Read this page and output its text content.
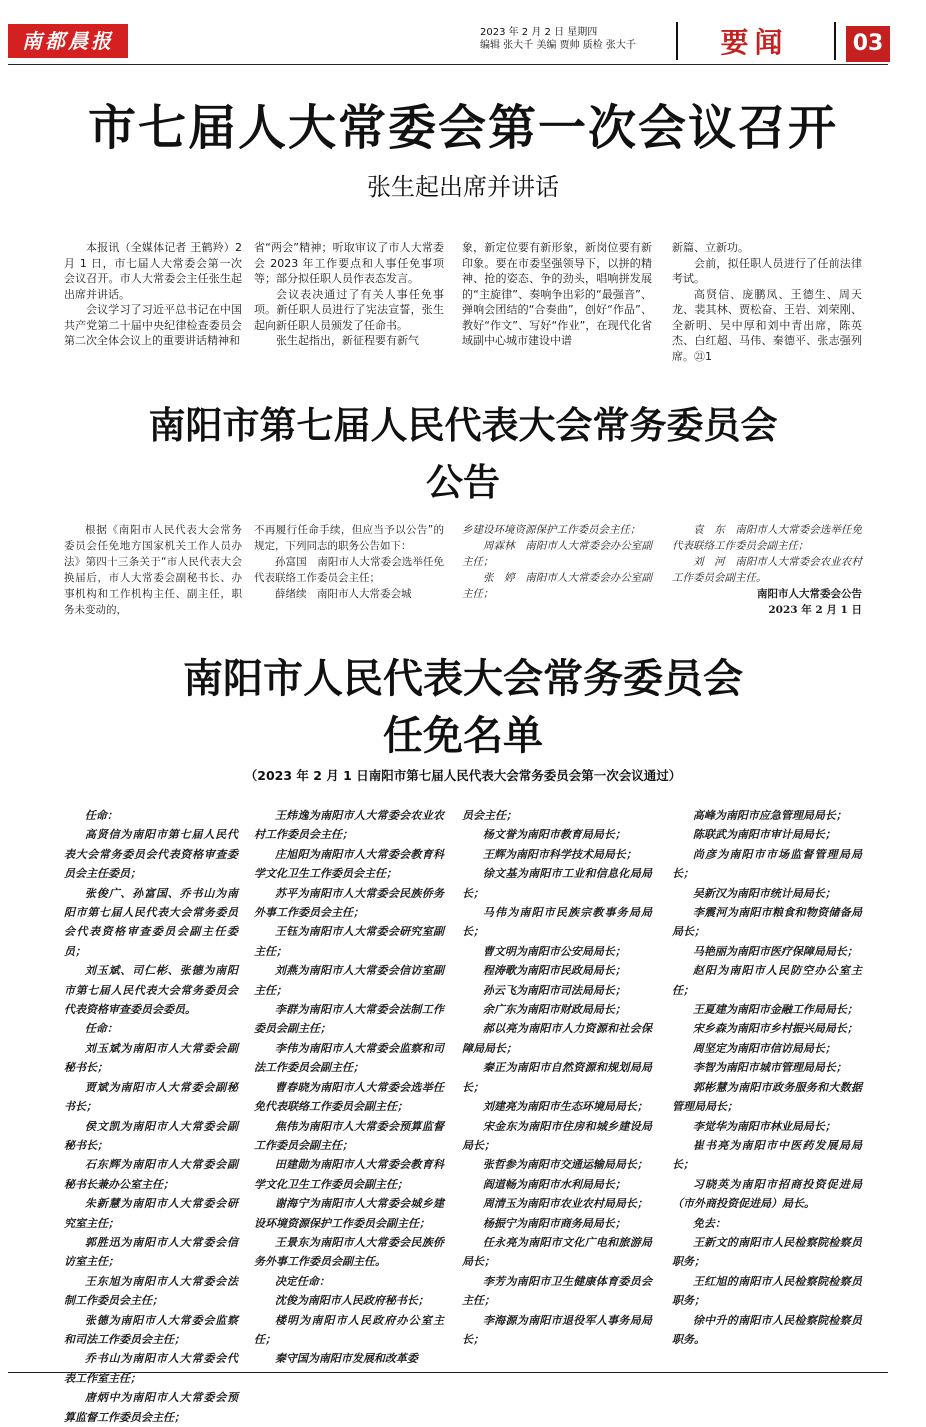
南都晨报	2023 年 2 月 2 日 星期四
编辑 张大千 美编 贾帅 质检 张大千	要闻	03
市七届人大常委会第一次会议召开
张生起出席并讲话

本报讯（全媒体记者 王鹤羚）2 月 1 日，市七届人大常委会第一次会议召开。市人大常委会主任张生起出席并讲话。

会议学习了习近平总书记在中国共产党第二十届中央纪律检查委员会第二次全体会议上的重要讲话精神和

省“两会”精神；听取审议了市人大常委会 2023 年工作要点和人事任免事项等；部分拟任职人员作表态发言。

会议表决通过了有关人事任免事项。新任职人员进行了宪法宣誓，张生起向新任职人员颁发了任命书。

张生起指出，新征程要有新气

象，新定位要有新形象，新岗位要有新印象。要在市委坚强领导下，以拼的精神、抢的姿态、争的劲头，唱响拼发展的“主旋律”、奏响争出彩的“最强音”、弹响会团结的“合奏曲”，创好“作品”、教好“作文”、写好“作业”，在现代化省域副中心城市建设中谱

新篇、立新功。

会前，拟任职人员进行了任前法律考试。

高贤信、庞鹏凤、王德生、周天龙、裴其林、贾松奋、王岩、刘荣刚、全新明、吴中厚和刘中青出席，陈英杰、白红超、马伟、秦德平、张志强列席。㉑1

南阳市第七届人民代表大会常务委员会
公告

根据《南阳市人民代表大会常务委员会任免地方国家机关工作人员办法》第四十三条关于“市人民代表大会换届后，市人大常委会副秘书长、办事机构和工作机构主任、副主任，职务未变动的，

不再履行任命手续，但应当予以公告”的规定，下列同志的职务公告如下：

孙富国　南阳市人大常委会选举任免代表联络工作委员会主任；

薛绪续　南阳市人大常委会城

乡建设环境资源保护工作委员会主任；

周霖林　南阳市人大常委会办公室副主任；

张　婷　南阳市人大常委会办公室副主任；

袁　东　南阳市人大常委会选举任免代表联络工作委员会副主任；

刘　河　南阳市人大常委会农业农村工作委员会副主任。

南阳市人大常委会公告

2023 年 2 月 1 日

南阳市人民代表大会常务委员会
任免名单
（2023 年 2 月 1 日南阳市第七届人民代表大会常务委员会第一次会议通过）

任命：

高贤信为南阳市第七届人民代表大会常务委员会代表资格审查委员会主任委员；

张俊广、孙富国、乔书山为南阳市第七届人民代表大会常务委员会代表资格审查委员会副主任委员；

刘玉斌、司仁彬、张德为南阳市第七届人民代表大会常务委员会代表资格审查委员会委员。

任命：

刘玉斌为南阳市人大常委会副秘书长；

贾斌为南阳市人大常委会副秘书长；

侯文凯为南阳市人大常委会副秘书长；

石东辉为南阳市人大常委会副秘书长兼办公室主任；

朱新慧为南阳市人大常委会研究室主任；

郭胜迅为南阳市人大常委会信访室主任；

王东旭为南阳市人大常委会法制工作委员会主任；

张德为南阳市人大常委会监察和司法工作委员会主任；

乔书山为南阳市人大常委会代表工作室主任；

唐炳中为南阳市人大常委会预算监督工作委员会主任；

王炜逸为南阳市人大常委会农业农村工作委员会主任；

庄旭阳为南阳市人大常委会教育科学文化卫生工作委员会主任；

苏平为南阳市人大常委会民族侨务外事工作委员会主任；

王钰为南阳市人大常委会研究室副主任；

刘燕为南阳市人大常委会信访室副主任；

李群为南阳市人大常委会法制工作委员会副主任；

李伟为南阳市人大常委会监察和司法工作委员会副主任；

曹春晓为南阳市人大常委会选举任免代表联络工作委员会副主任；

焦伟为南阳市人大常委会预算监督工作委员会副主任；

田建勋为南阳市人大常委会教育科学文化卫生工作委员会副主任；

谢海宁为南阳市人大常委会城乡建设环境资源保护工作委员会副主任；

王景东为南阳市人大常委会民族侨务外事工作委员会副主任。

决定任命：

沈俊为南阳市人民政府秘书长；

楼明为南阳市人民政府办公室主任；

秦守国为南阳市发展和改革委

员会主任；

杨文誉为南阳市教育局局长；

王辉为南阳市科学技术局局长；

徐文基为南阳市工业和信息化局局长；

马伟为南阳市民族宗教事务局局长；

曹文明为南阳市公安局局长；

程涛歌为南阳市民政局局长；

孙云飞为南阳市司法局局长；

余广东为南阳市财政局局长；

郝以亮为南阳市人力资源和社会保障局局长；

秦正为南阳市自然资源和规划局局长；

刘建亮为南阳市生态环境局局长；

宋金东为南阳市住房和城乡建设局局长；

张哲参为南阳市交通运输局局长；

阎道畅为南阳市水利局局长；

周清玉为南阳市农业农村局局长；

杨振宁为南阳市商务局局长；

任永亮为南阳市文化广电和旅游局局长；

李芳为南阳市卫生健康体育委员会主任；

李海源为南阳市退役军人事务局局长；

高峰为南阳市应急管理局局长；

陈联武为南阳市审计局局长；

尚彦为南阳市市场监督管理局局长；

吴新汉为南阳市统计局局长；

李震河为南阳市粮食和物资储备局局长；

马艳丽为南阳市医疗保障局局长；

赵阳为南阳市人民防空办公室主任；

王夏建为南阳市金融工作局局长；

宋乡森为南阳市乡村振兴局局长；

周坚定为南阳市信访局局长；

李智为南阳市城市管理局局长；

郭彬慧为南阳市政务服务和大数据管理局局长；

李觉华为南阳市林业局局长；

崔书亮为南阳市中医药发展局局长；

习晓英为南阳市招商投资促进局（市外商投资促进局）局长。

免去：

王新文的南阳市人民检察院检察员职务；

王红旭的南阳市人民检察院检察员职务；

徐中升的南阳市人民检察院检察员职务。
